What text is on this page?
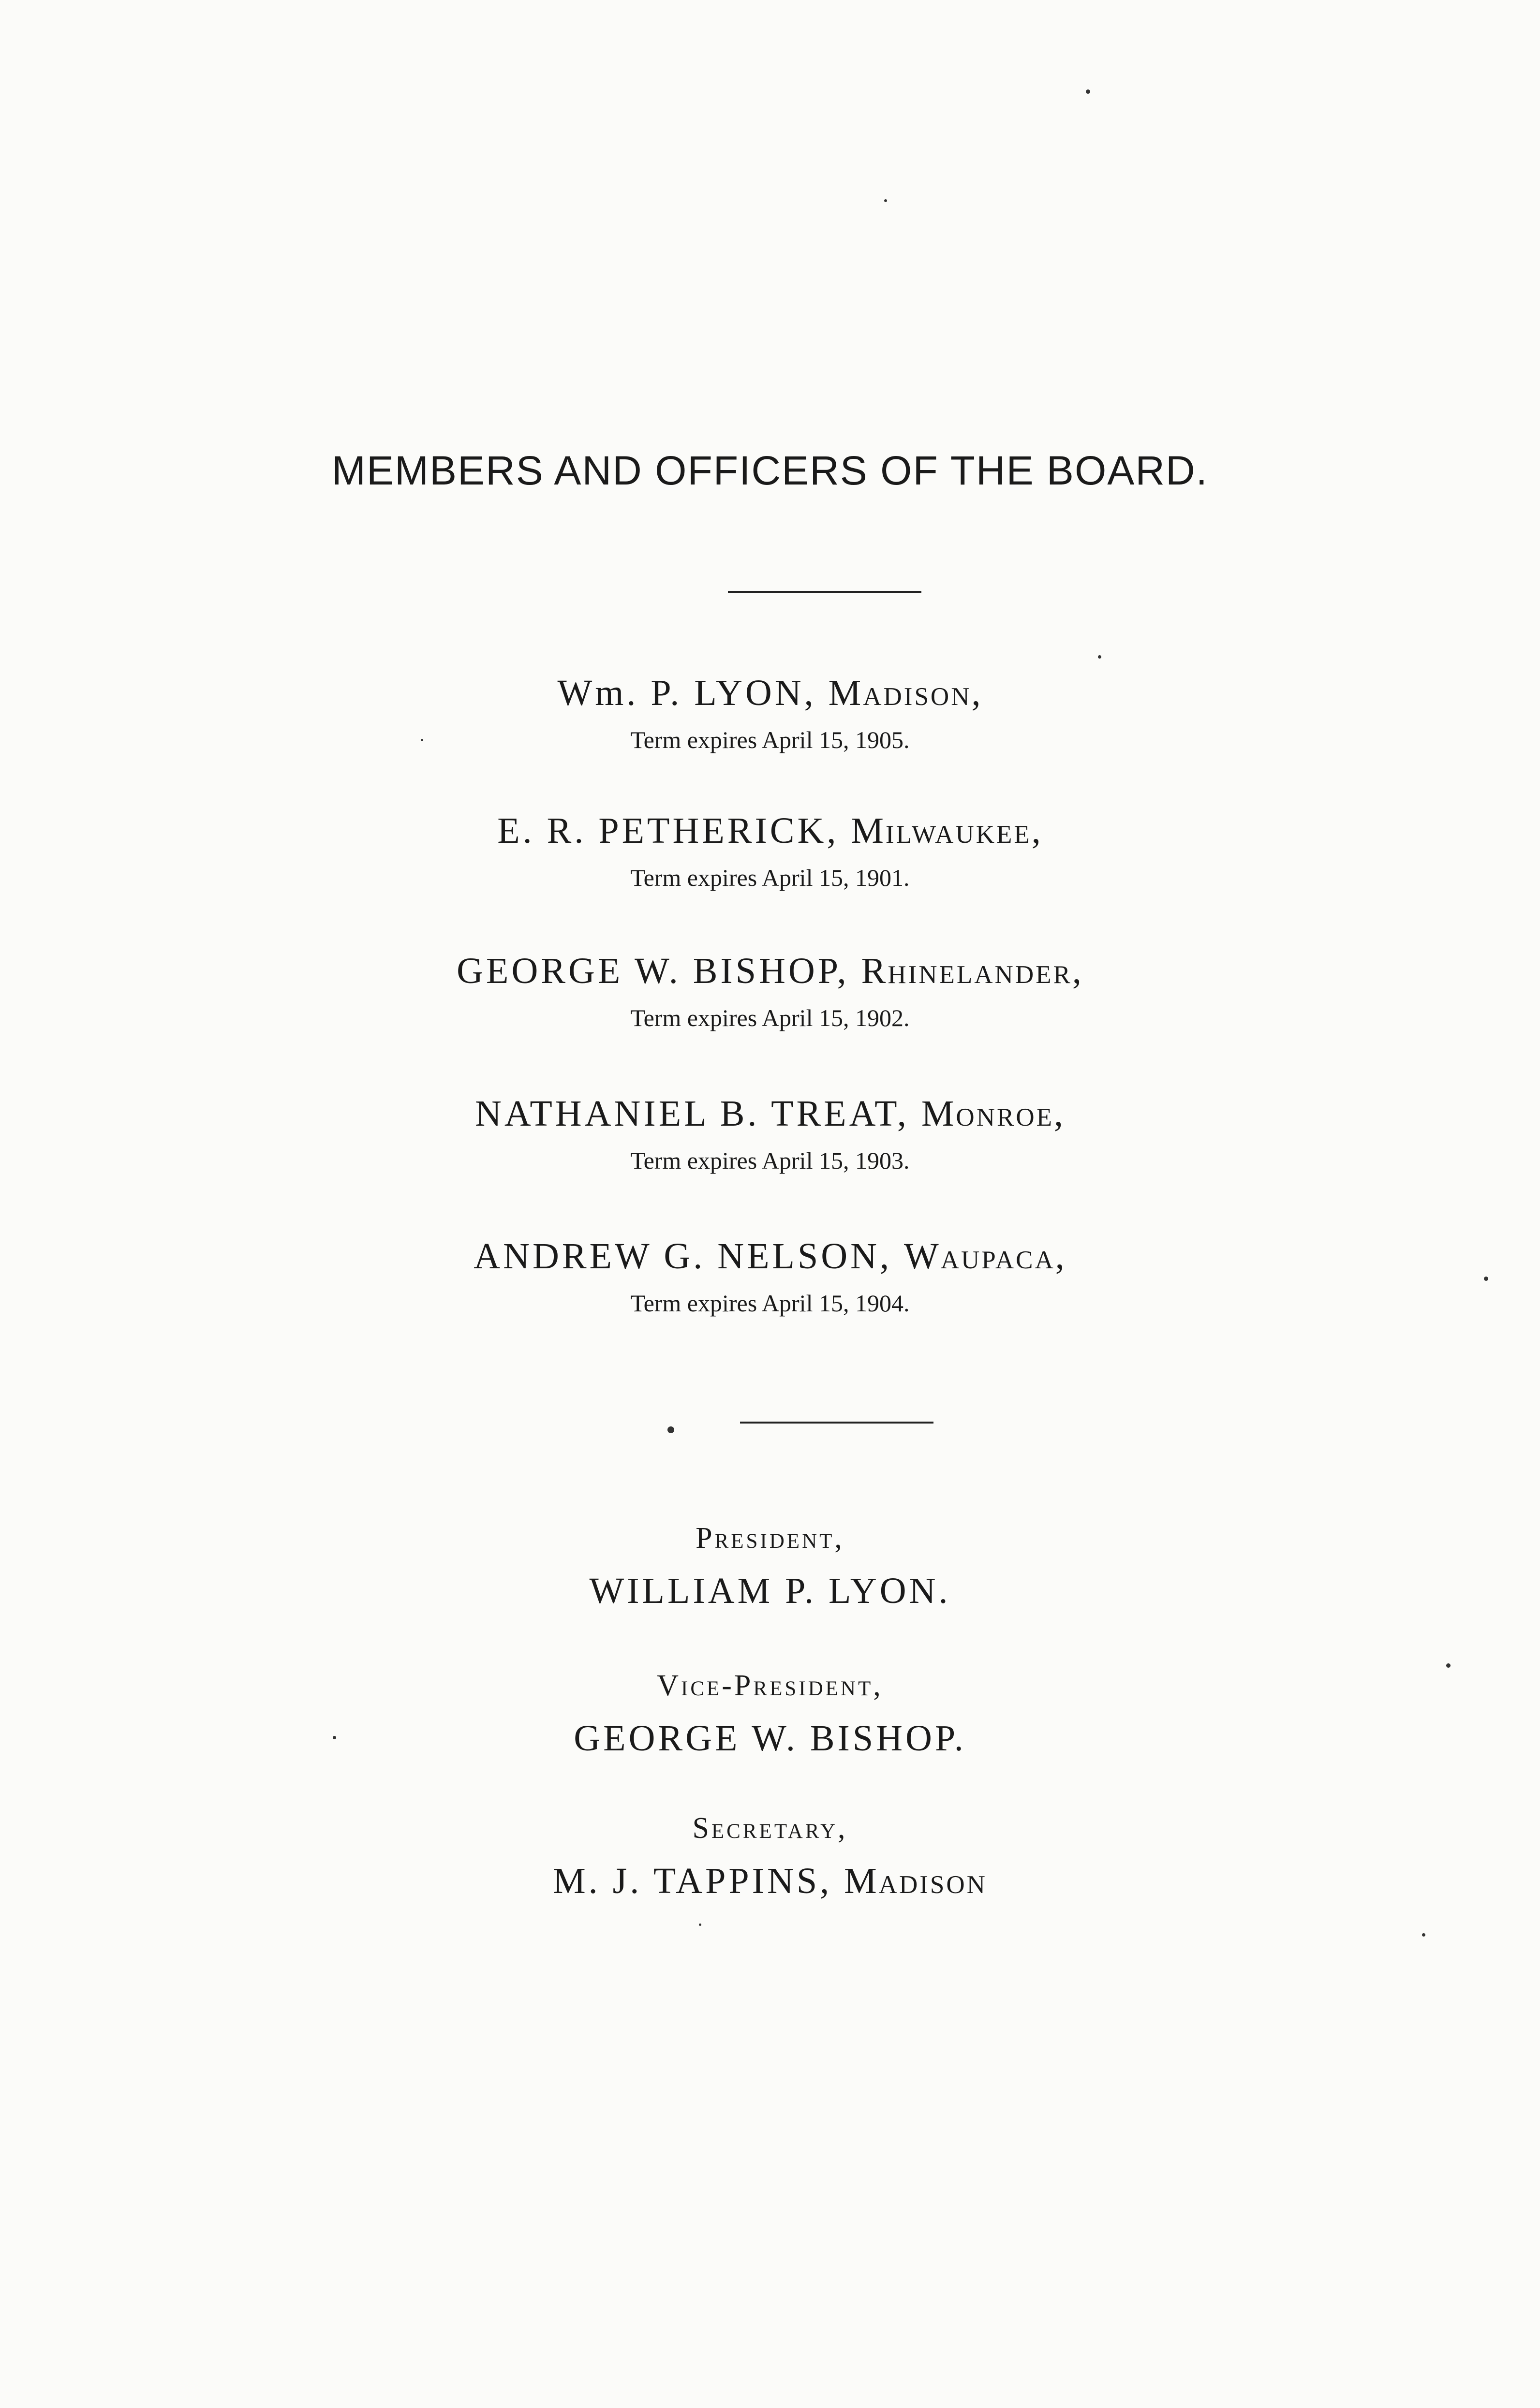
MEMBERS AND OFFICERS OF THE BOARD.
Wm. P. LYON, Madison,
Term expires April 15, 1905.
E. R. PETHERICK, Milwaukee,
Term expires April 15, 1901.
GEORGE W. BISHOP, Rhinelander,
Term expires April 15, 1902.
NATHANIEL B. TREAT, Monroe,
Term expires April 15, 1903.
ANDREW G. NELSON, Waupaca,
Term expires April 15, 1904.
President,
WILLIAM P. LYON.
Vice-President,
GEORGE W. BISHOP.
Secretary,
M. J. TAPPINS, Madison
